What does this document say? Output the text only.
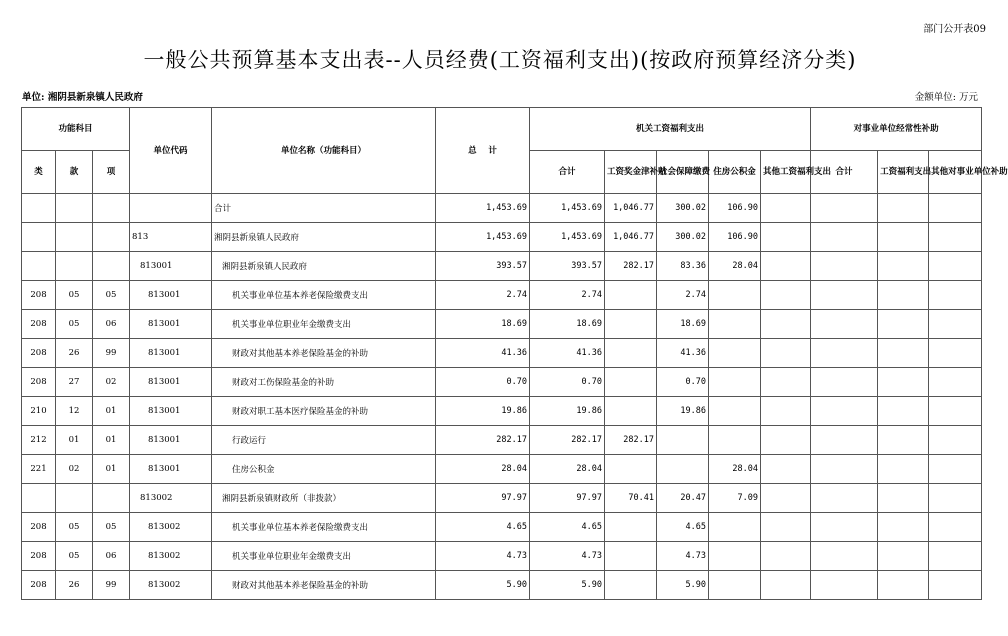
部门公开表09
一般公共预算基本支出表--人员经费(工资福利支出)(按政府预算经济分类)
单位: 湘阴县新泉镇人民政府	金额单位: 万元
功能科目			单位代码	单位名称（功能科目）	总    计	机关工资福利支出					对事业单位经常性补助		
类	款	项				合计	工资奖金津补贴	社会保障缴费	住房公积金	其他工资福利支出	合计	工资福利支出	其他对事业单位补助
				合计	1,453.69	1,453.69	1,046.77	300.02	106.90				
			813	湘阴县新泉镇人民政府	1,453.69	1,453.69	1,046.77	300.02	106.90				
			813001	湘阴县新泉镇人民政府	393.57	393.57	282.17	83.36	28.04				
208	05	05	813001	机关事业单位基本养老保险缴费支出	2.74	2.74		2.74					
208	05	06	813001	机关事业单位职业年金缴费支出	18.69	18.69		18.69					
208	26	99	813001	财政对其他基本养老保险基金的补助	41.36	41.36		41.36					
208	27	02	813001	财政对工伤保险基金的补助	0.70	0.70		0.70					
210	12	01	813001	财政对职工基本医疗保险基金的补助	19.86	19.86		19.86					
212	01	01	813001	行政运行	282.17	282.17	282.17						
221	02	01	813001	住房公积金	28.04	28.04			28.04				
			813002	湘阴县新泉镇财政所（非拨款）	97.97	97.97	70.41	20.47	7.09				
208	05	05	813002	机关事业单位基本养老保险缴费支出	4.65	4.65		4.65					
208	05	06	813002	机关事业单位职业年金缴费支出	4.73	4.73		4.73					
208	26	99	813002	财政对其他基本养老保险基金的补助	5.90	5.90		5.90					
